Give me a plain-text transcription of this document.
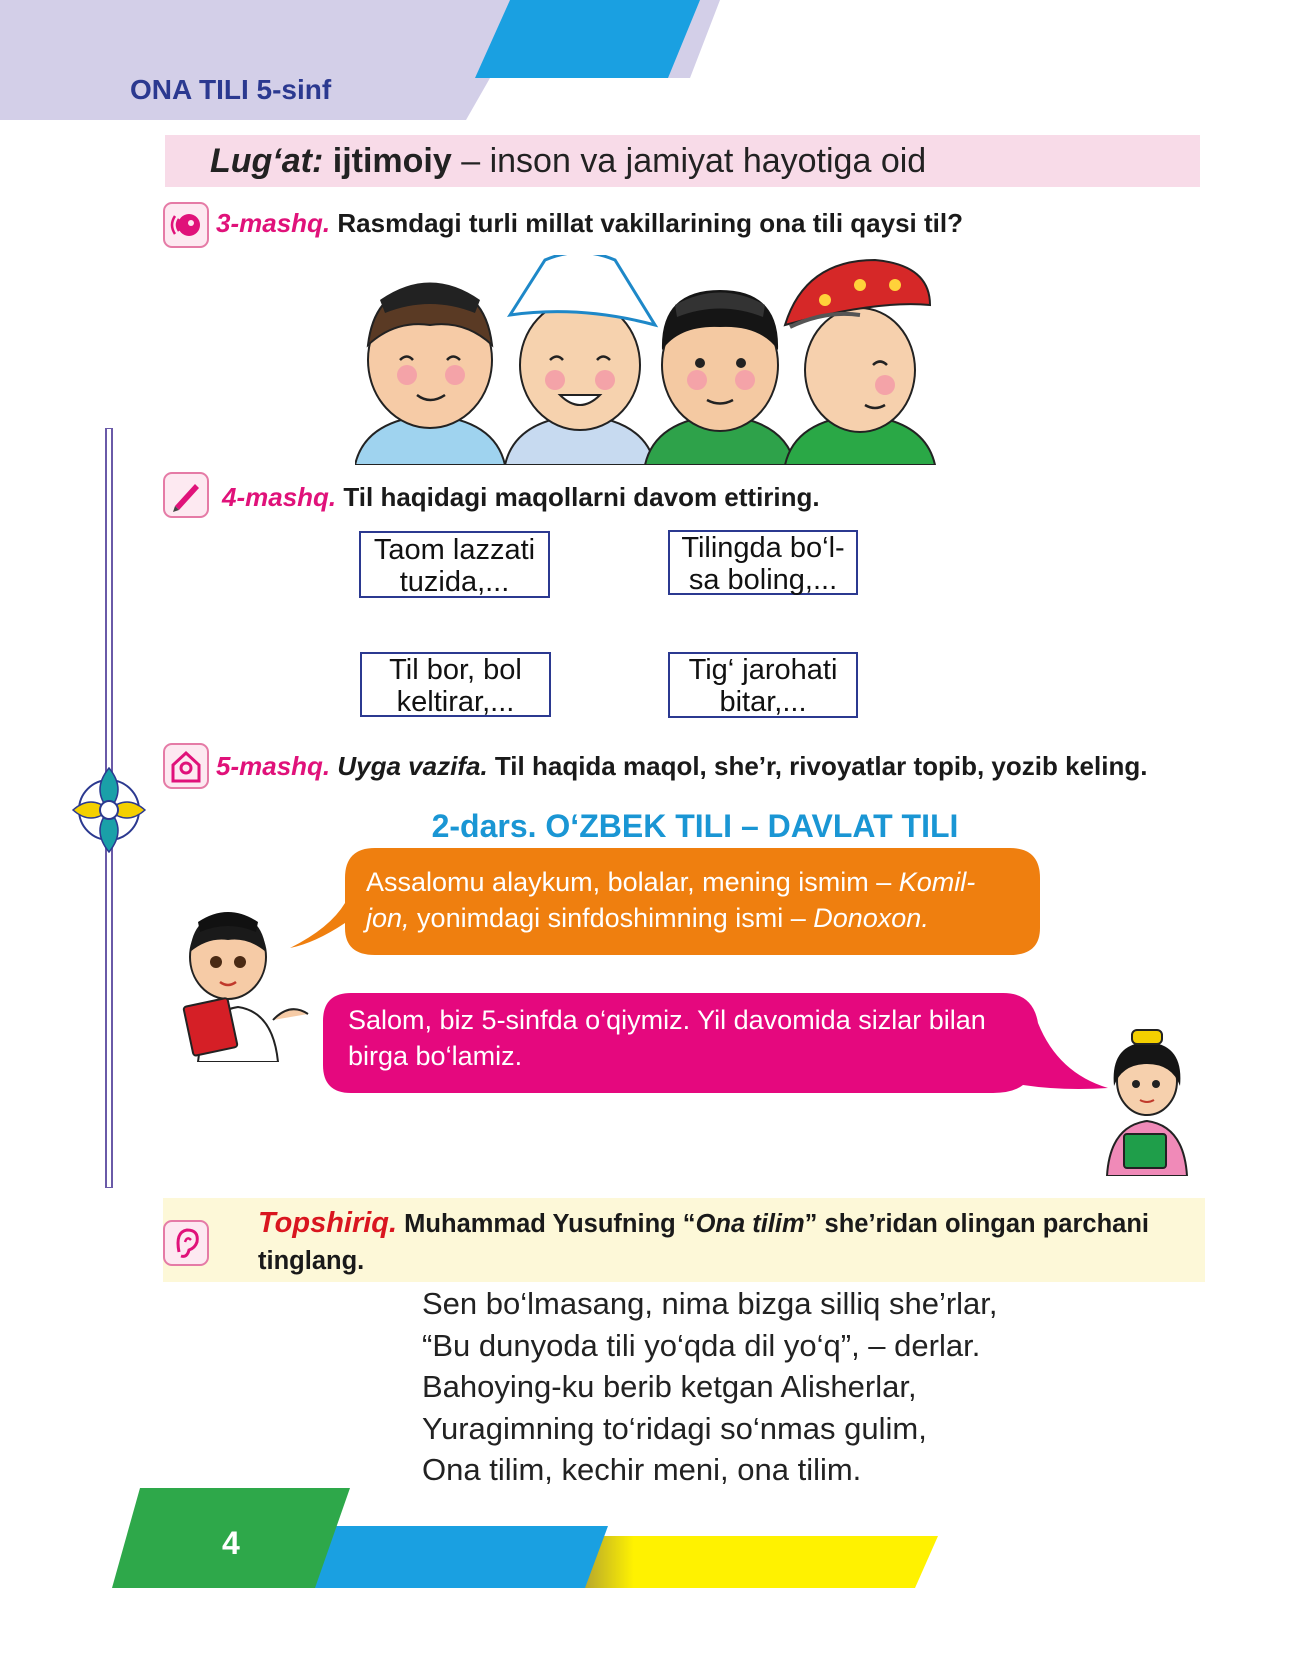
ONA TILI 5-sinf
Lug‘at: ijtimoiy – inson va jamiyat hayotiga oid
3-mashq. Rasmdagi turli millat vakillarining ona tili qaysi til?
4-mashq. Til haqidagi maqollarni davom ettiring.
Taom lazzati
tuzida,...
Tilingda bo‘l-
sa boling,...
Til bor, bol
keltirar,...
Tig‘ jarohati
bitar,...
5-mashq. Uyga vazifa. Til haqida maqol, she’r, rivoyatlar topib, yozib keling.
2-dars. O‘ZBEK TILI – DAVLAT TILI
Assalomu alaykum, bolalar, mening ismim – Komil-
jon, yonimdagi sinfdoshimning ismi – Donoxon.
Salom, biz 5-sinfda o‘qiymiz. Yil davomida sizlar bilan
birga bo‘lamiz.
Topshiriq. Muhammad Yusufning “Ona tilim” she’ridan olingan parchani tinglang.
Sen bo‘lmasang, nima bizga silliq she’rlar,
“Bu dunyoda tili yo‘qda dil yo‘q”, – derlar.
Bahoying-ku berib ketgan Alisherlar,
Yuragimning to‘ridagi so‘nmas gulim,
Ona tilim, kechir meni, ona tilim.
4
